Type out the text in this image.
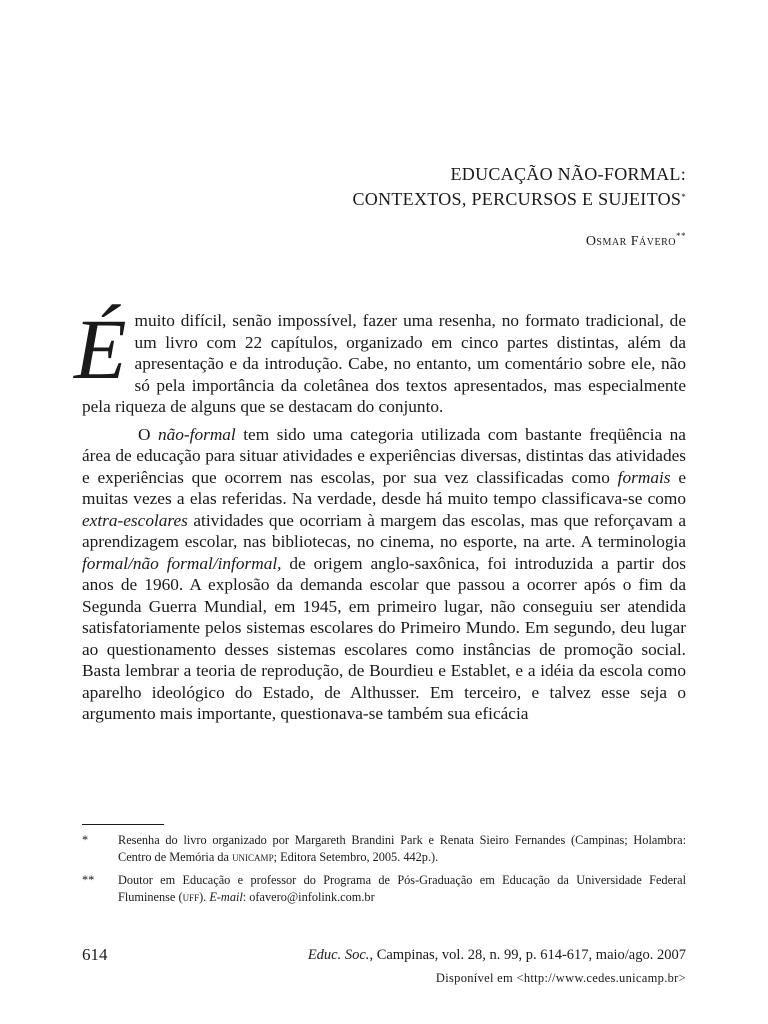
EDUCAÇÃO NÃO-FORMAL:
CONTEXTOS, PERCURSOS E SUJEITOS*
Osmar Fávero**

Émuito difícil, senão impossível, fazer uma resenha, no formato tradicional, de um livro com 22 capítulos, organizado em cinco partes distintas, além da apresentação e da introdução. Cabe, no entanto, um comentário sobre ele, não só pela importância da coletânea dos textos apresentados, mas especialmente pela riqueza de alguns que se destacam do conjunto.

O não-formal tem sido uma categoria utilizada com bastante freqüência na área de educação para situar atividades e experiências diversas, distintas das atividades e experiências que ocorrem nas escolas, por sua vez classificadas como formais e muitas vezes a elas referidas. Na verdade, desde há muito tempo classificava-se como extra-escolares atividades que ocorriam à margem das escolas, mas que reforçavam a aprendizagem escolar, nas bibliotecas, no cinema, no esporte, na arte. A terminologia formal/não formal/informal, de origem anglo-saxônica, foi introduzida a partir dos anos de 1960. A explosão da demanda escolar que passou a ocorrer após o fim da Segunda Guerra Mundial, em 1945, em primeiro lugar, não conseguiu ser atendida satisfatoriamente pelos sistemas escolares do Primeiro Mundo. Em segundo, deu lugar ao questionamento desses sistemas escolares como instâncias de promoção social. Basta lembrar a teoria de reprodução, de Bourdieu e Establet, e a idéia da escola como aparelho ideológico do Estado, de Althusser. Em terceiro, e talvez esse seja o argumento mais importante, questionava-se também sua eficácia

*	Resenha do livro organizado por Margareth Brandini Park e Renata Sieiro Fernandes (Campinas; Holambra: Centro de Memória da unicamp; Editora Setembro, 2005. 442p.).
**	Doutor em Educação e professor do Programa de Pós-Graduação em Educação da Universidade Federal Fluminense (uff). E-mail: ofavero@infolink.com.br
614	Educ. Soc., Campinas, vol. 28, n. 99, p. 614-617, maio/ago. 2007
Disponível em <http://www.cedes.unicamp.br>
